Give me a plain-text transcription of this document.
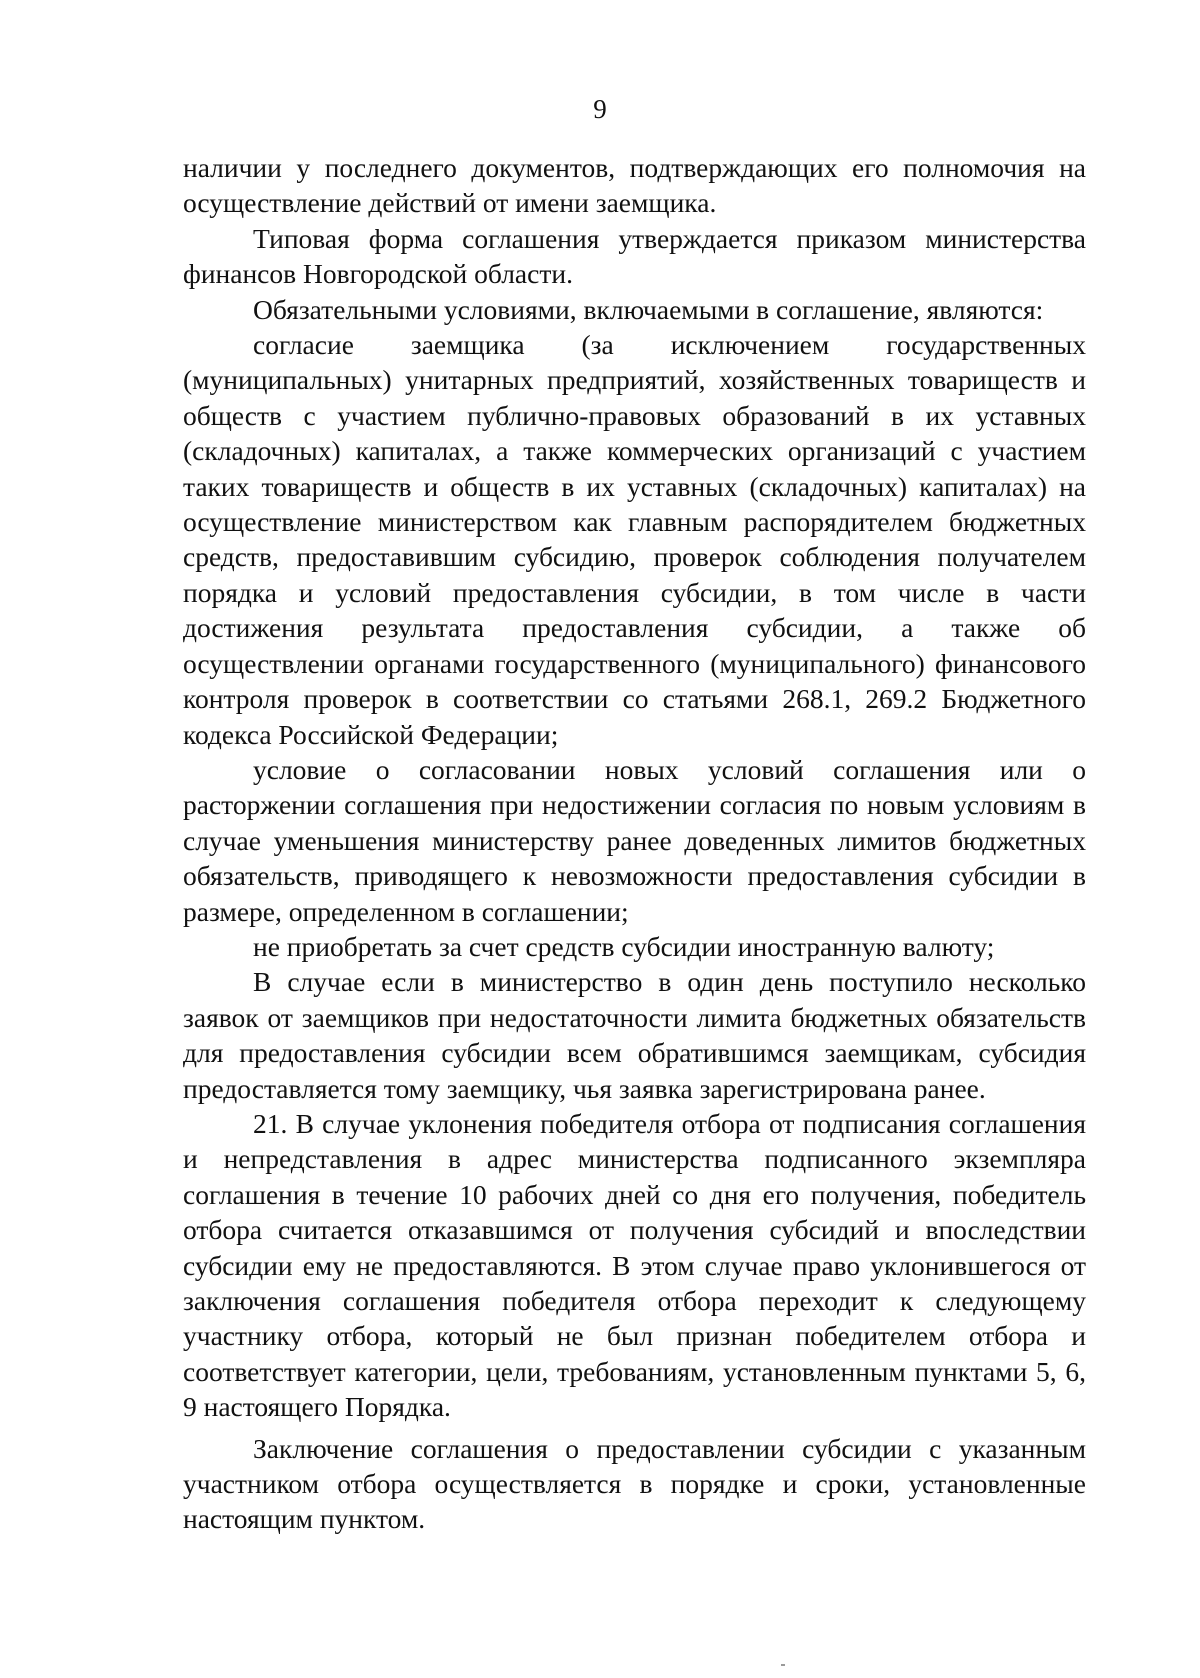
9

наличии у последнего документов, подтверждающих его полномочия на осуществление действий от имени заемщика.

Типовая форма соглашения утверждается приказом министерства финансов Новгородской области.

Обязательными условиями, включаемыми в соглашение, являются:

согласие заемщика (за исключением государственных (муниципальных) унитарных предприятий, хозяйственных товариществ и обществ с участием публично-правовых образований в их уставных (складочных) капиталах, а также коммерческих организаций с участием таких товариществ и обществ в их уставных (складочных) капиталах) на осуществление министерством как главным распорядителем бюджетных средств, предоставившим субсидию, проверок соблюдения получателем порядка и условий предоставления субсидии, в том числе в части достижения результата предоставления субсидии, а также об осуществлении органами государственного (муниципального) финансового контроля проверок в соответствии со статьями 268.1, 269.2 Бюджетного кодекса Российской Федерации;

условие о согласовании новых условий соглашения или о расторжении соглашения при недостижении согласия по новым условиям в случае уменьшения министерству ранее доведенных лимитов бюджетных обязательств, приводящего к невозможности предоставления субсидии в размере, определенном в соглашении;

не приобретать за счет средств субсидии иностранную валюту;

В случае если в министерство в один день поступило несколько заявок от заемщиков при недостаточности лимита бюджетных обязательств для предоставления субсидии всем обратившимся заемщикам, субсидия предоставляется тому заемщику, чья заявка зарегистрирована ранее.

21. В случае уклонения победителя отбора от подписания соглашения и непредставления в адрес министерства подписанного экземпляра соглашения в течение 10 рабочих дней со дня его получения, победитель отбора считается отказавшимся от получения субсидий и впоследствии субсидии ему не предоставляются. В этом случае право уклонившегося от заключения соглашения победителя отбора переходит к следующему участнику отбора, который не был признан победителем отбора и соответствует категории, цели, требованиям, установленным пунктами 5, 6, 9 настоящего Порядка.

Заключение соглашения о предоставлении субсидии с указанным участником отбора осуществляется в порядке и сроки, установленные настоящим пунктом.
